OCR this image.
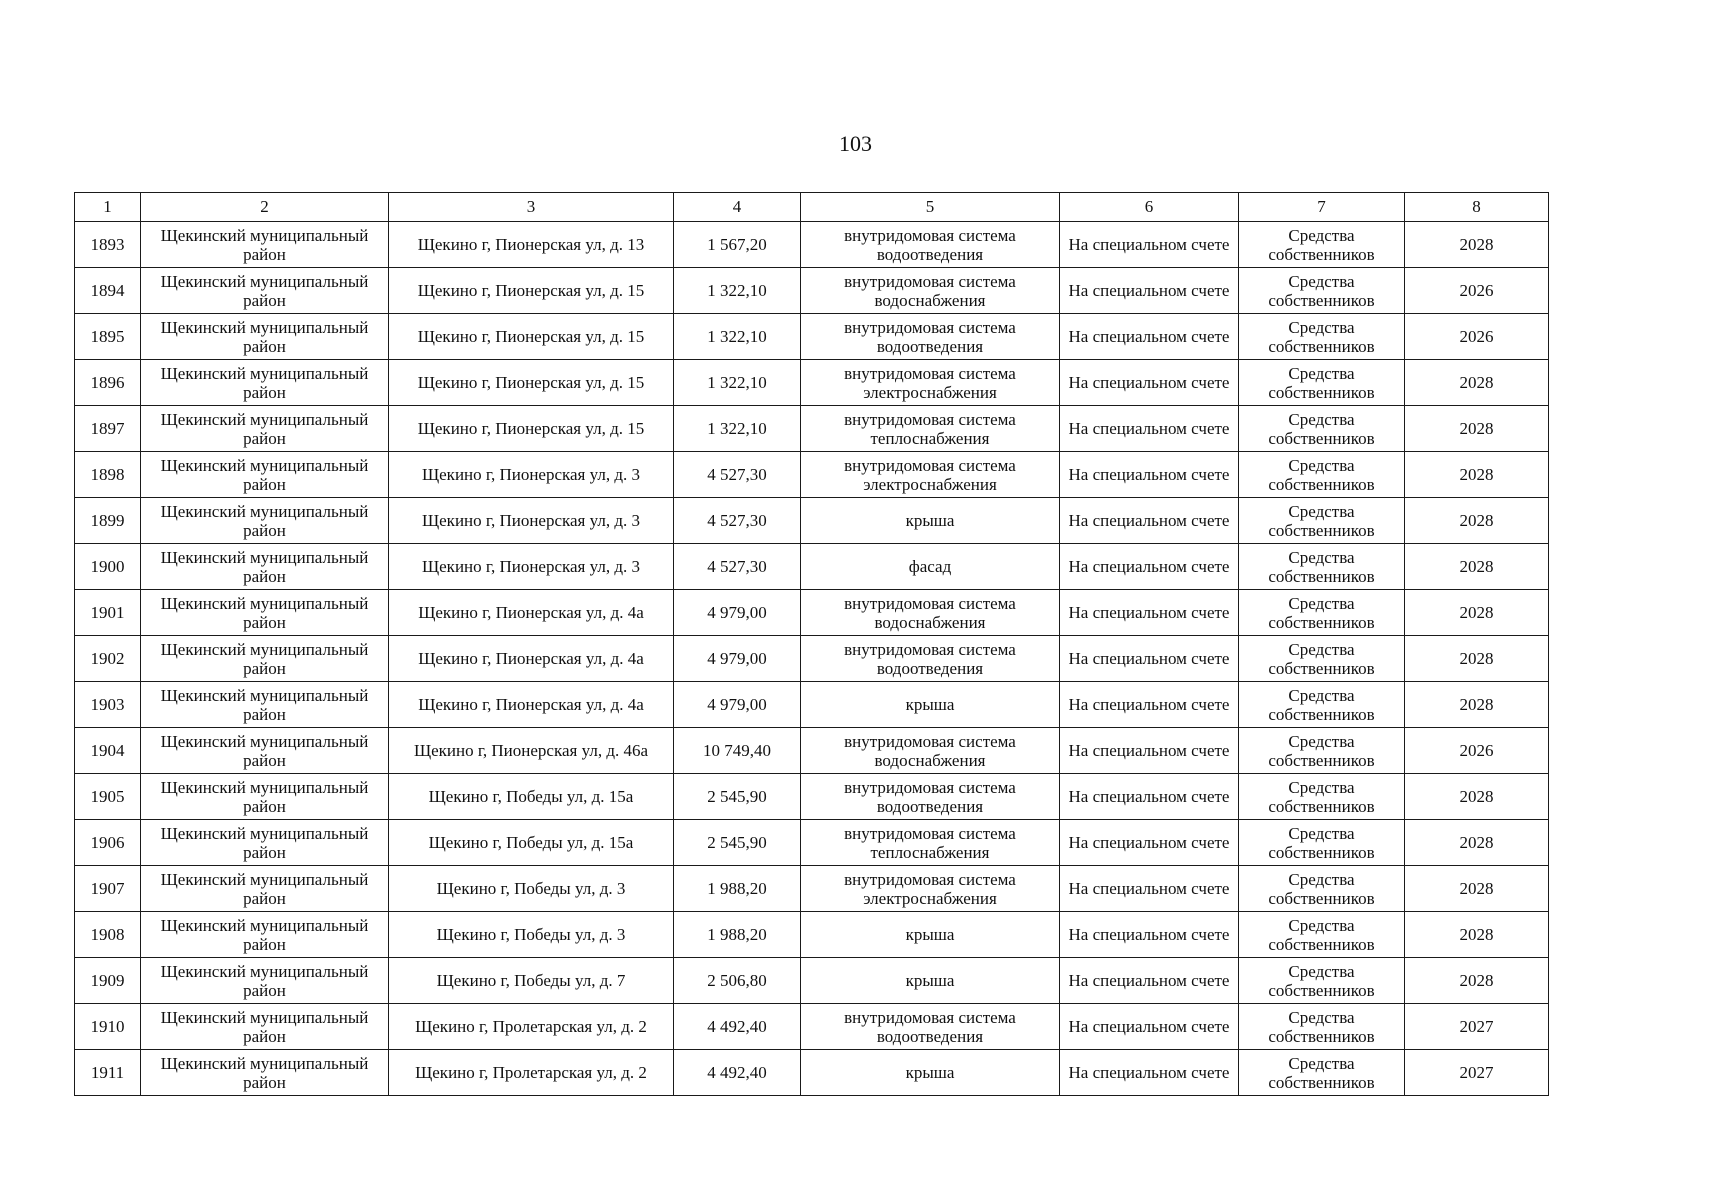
103
1	2	3	4	5	6	7	8
1893	Щекинский муниципальный район	Щекино г, Пионерская ул, д. 13	1 567,20	внутридомовая система водоотведения	На специальном счете	Средства собственников	2028
1894	Щекинский муниципальный район	Щекино г, Пионерская ул, д. 15	1 322,10	внутридомовая система водоснабжения	На специальном счете	Средства собственников	2026
1895	Щекинский муниципальный район	Щекино г, Пионерская ул, д. 15	1 322,10	внутридомовая система водоотведения	На специальном счете	Средства собственников	2026
1896	Щекинский муниципальный район	Щекино г, Пионерская ул, д. 15	1 322,10	внутридомовая система электроснабжения	На специальном счете	Средства собственников	2028
1897	Щекинский муниципальный район	Щекино г, Пионерская ул, д. 15	1 322,10	внутридомовая система теплоснабжения	На специальном счете	Средства собственников	2028
1898	Щекинский муниципальный район	Щекино г, Пионерская ул, д. 3	4 527,30	внутридомовая система электроснабжения	На специальном счете	Средства собственников	2028
1899	Щекинский муниципальный район	Щекино г, Пионерская ул, д. 3	4 527,30	крыша	На специальном счете	Средства собственников	2028
1900	Щекинский муниципальный район	Щекино г, Пионерская ул, д. 3	4 527,30	фасад	На специальном счете	Средства собственников	2028
1901	Щекинский муниципальный район	Щекино г, Пионерская ул, д. 4а	4 979,00	внутридомовая система водоснабжения	На специальном счете	Средства собственников	2028
1902	Щекинский муниципальный район	Щекино г, Пионерская ул, д. 4а	4 979,00	внутридомовая система водоотведения	На специальном счете	Средства собственников	2028
1903	Щекинский муниципальный район	Щекино г, Пионерская ул, д. 4а	4 979,00	крыша	На специальном счете	Средства собственников	2028
1904	Щекинский муниципальный район	Щекино г, Пионерская ул, д. 46а	10 749,40	внутридомовая система водоснабжения	На специальном счете	Средства собственников	2026
1905	Щекинский муниципальный район	Щекино г, Победы ул, д. 15а	2 545,90	внутридомовая система водоотведения	На специальном счете	Средства собственников	2028
1906	Щекинский муниципальный район	Щекино г, Победы ул, д. 15а	2 545,90	внутридомовая система теплоснабжения	На специальном счете	Средства собственников	2028
1907	Щекинский муниципальный район	Щекино г, Победы ул, д. 3	1 988,20	внутридомовая система электроснабжения	На специальном счете	Средства собственников	2028
1908	Щекинский муниципальный район	Щекино г, Победы ул, д. 3	1 988,20	крыша	На специальном счете	Средства собственников	2028
1909	Щекинский муниципальный район	Щекино г, Победы ул, д. 7	2 506,80	крыша	На специальном счете	Средства собственников	2028
1910	Щекинский муниципальный район	Щекино г, Пролетарская ул, д. 2	4 492,40	внутридомовая система водоотведения	На специальном счете	Средства собственников	2027
1911	Щекинский муниципальный район	Щекино г, Пролетарская ул, д. 2	4 492,40	крыша	На специальном счете	Средства собственников	2027
